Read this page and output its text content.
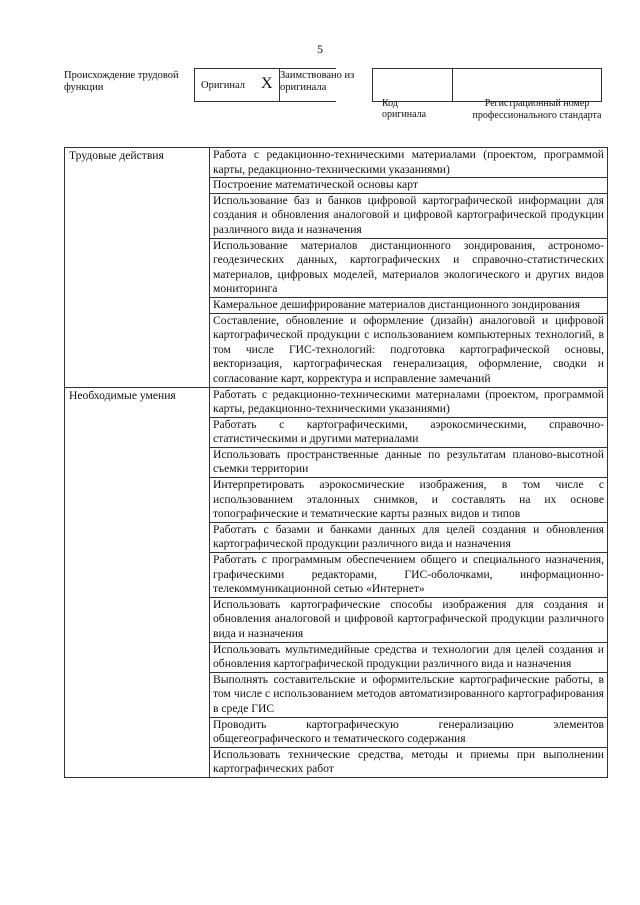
5
Происхождение трудовой функции	Оригинал X Заимствовано из оригинала
Код оригинала
Регистрационный номер профессионального стандарта
Трудовые действия	Работа с редакционно-техническими материалами (проектом, программой карты, редакционно-техническими указаниями)
	Построение математической основы карт
	Использование баз и банков цифровой картографической информации для создания и обновления аналоговой и цифровой картографической продукции различного вида и назначения
	Использование материалов дистанционного зондирования, астрономо-геодезических данных, картографических и справочно-статистических материалов, цифровых моделей, материалов экологического и других видов мониторинга
	Камеральное дешифрирование материалов дистанционного зондирования
	Составление, обновление и оформление (дизайн) аналоговой и цифровой картографической продукции с использованием компьютерных технологий, в том числе ГИС-технологий: подготовка картографической основы, векторизация, картографическая генерализация, оформление, сводки и согласование карт, корректура и исправление замечаний
Необходимые умения	Работать с редакционно-техническими материалами (проектом, программой карты, редакционно-техническими указаниями)
	Работать с картографическими, аэрокосмическими, справочно-статистическими и другими материалами
	Использовать пространственные данные по результатам планово-высотной съемки территории
	Интерпретировать аэрокосмические изображения, в том числе с использованием эталонных снимков, и составлять на их основе топографические и тематические карты разных видов и типов
	Работать с базами и банками данных для целей создания и обновления картографической продукции различного вида и назначения
	Работать с программным обеспечением общего и специального назначения, графическими редакторами, ГИС-оболочками, информационно-телекоммуникационной сетью «Интернет»
	Использовать картографические способы изображения для создания и обновления аналоговой и цифровой картографической продукции различного вида и назначения
	Использовать мультимедийные средства и технологии для целей создания и обновления картографической продукции различного вида и назначения
	Выполнять составительские и оформительские картографические работы, в том числе с использованием методов автоматизированного картографирования в среде ГИС
	Проводить картографическую генерализацию элементов общегеографического и тематического содержания
	Использовать технические средства, методы и приемы при выполнении картографических работ
